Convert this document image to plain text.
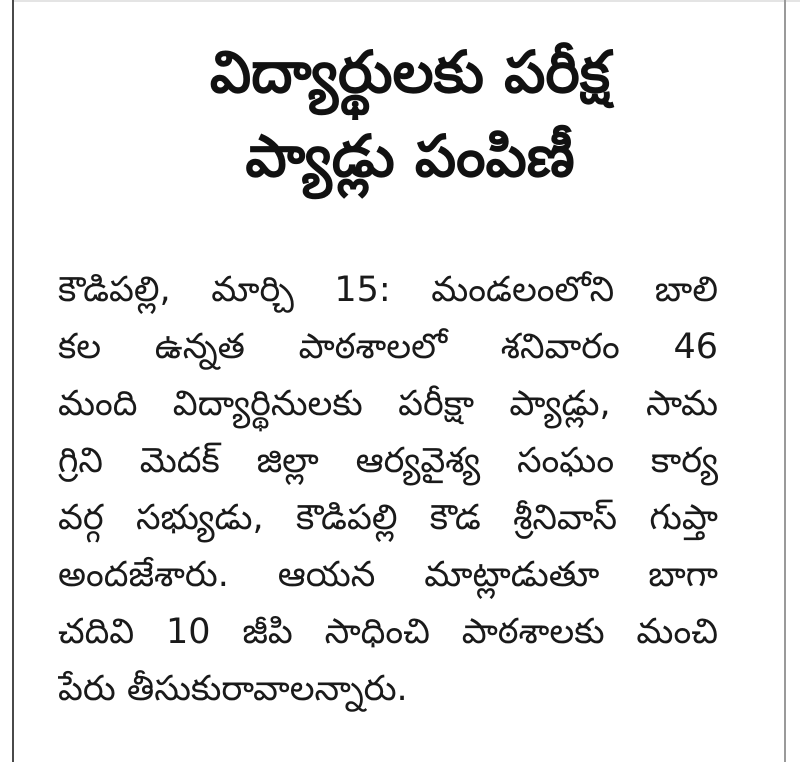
విద్యార్థులకు పరీక్ష
ప్యాడ్లు పంపిణీ
కౌడిపల్లి, మార్చి 15: మండలంలోని బాలి
కల ఉన్నత పాఠశాలలో శనివారం 46
మంది విద్యార్థినులకు పరీక్షా ప్యాడ్లు, సామ
గ్రిని మెదక్ జిల్లా ఆర్యవైశ్య సంఘం కార్య
వర్గ సభ్యుడు, కౌడిపల్లి కౌడ శ్రీనివాస్ గుప్తా
అందజేశారు. ఆయన మాట్లాడుతూ బాగా
చదివి 10 జీపి సాధించి పాఠశాలకు మంచి
పేరు తీసుకురావాలన్నారు.
